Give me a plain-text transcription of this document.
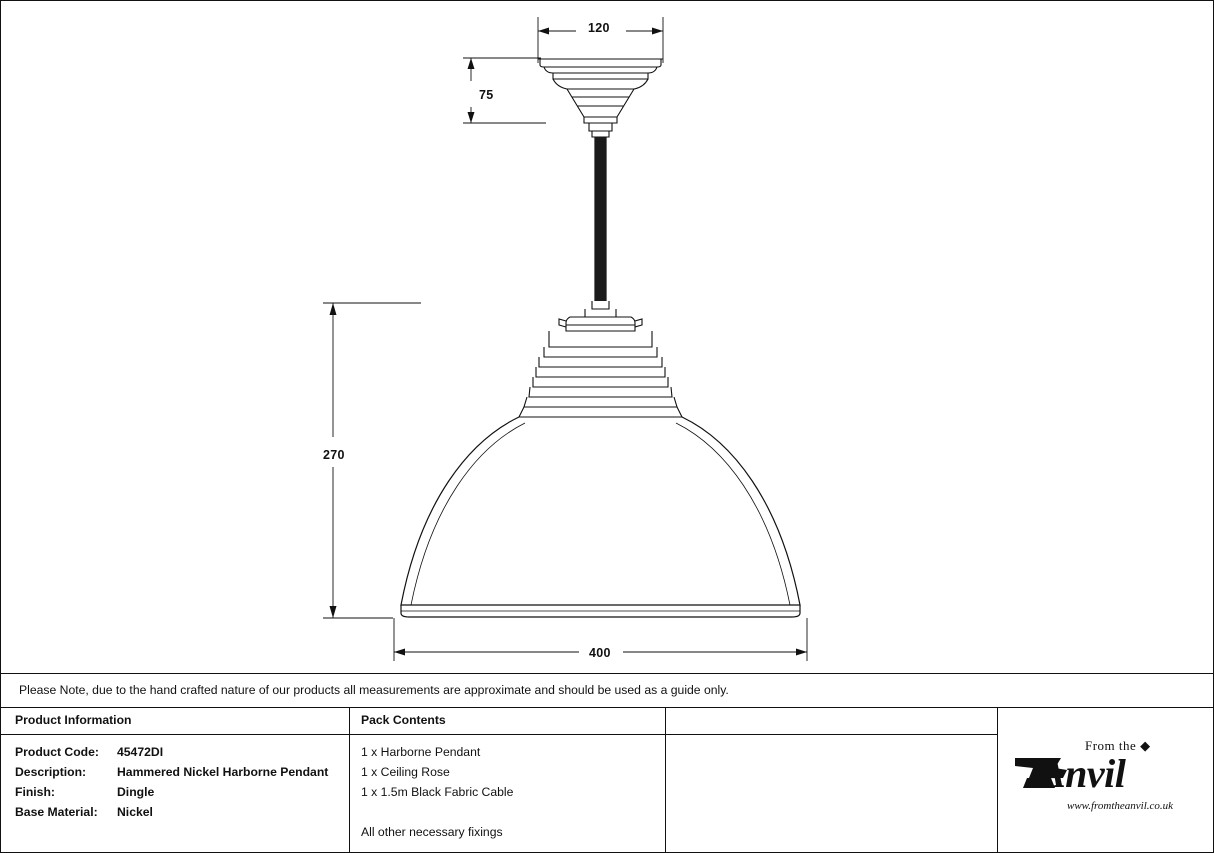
120
75
270
400
Please Note, due to the hand crafted nature of our products all measurements are approximate and should be used as a guide only.
Product Information	Pack Contents
Product Code: 45472DI
Description:	Hammered Nickel Harborne Pendant
Finish:	Dingle
Base Material: Nickel
1 x Harborne Pendant
1 x Ceiling Rose
1 x 1.5m Black Fabric Cable
All other necessary fixings
From the ◆
Anvil
www.fromtheanvil.co.uk
